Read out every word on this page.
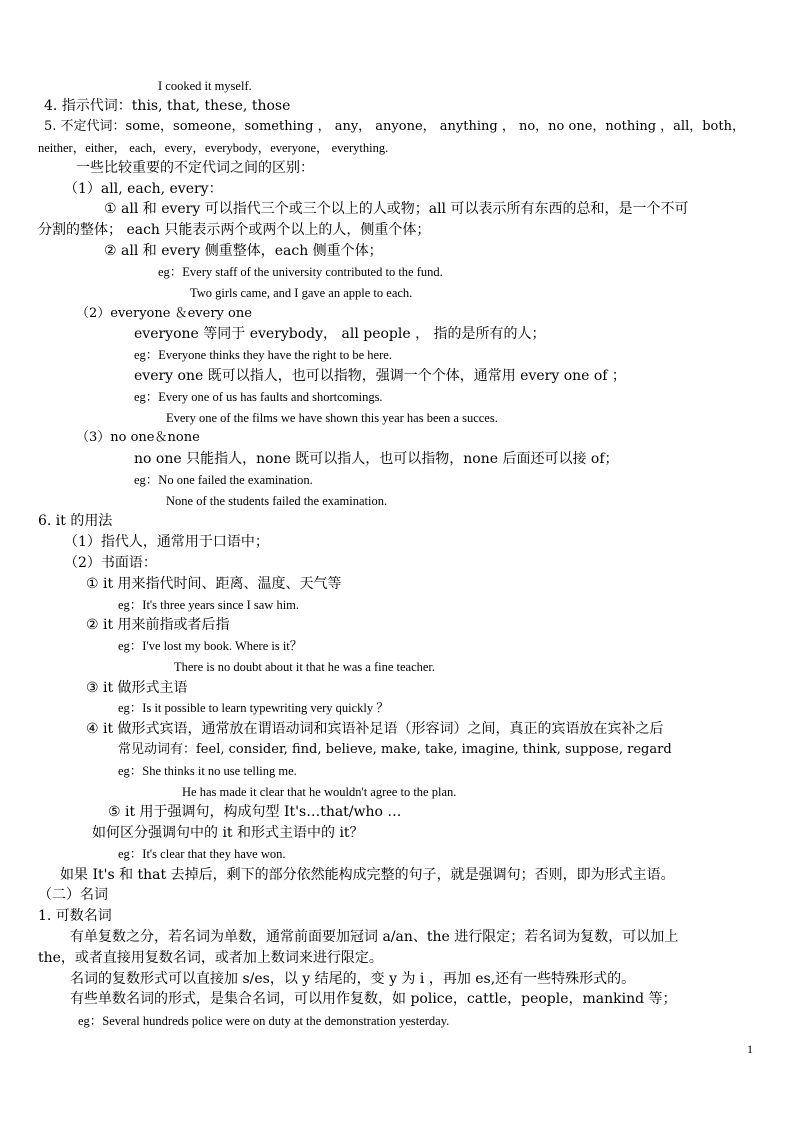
I cooked it myself.
4. 指示代词：this, that, these, those
5. 不定代词：some，someone，something ， any， anyone， anything ， no，no one，nothing ，all，both，
neither，either， each，every，everybody，everyone， everything.
一些比较重要的不定代词之间的区别：
（1）all, each, every：
① all 和 every 可以指代三个或三个以上的人或物；all 可以表示所有东西的总和，是一个不可
分割的整体； each 只能表示两个或两个以上的人，侧重个体；
② all 和 every 侧重整体，each 侧重个体；
eg：Every staff of the university contributed to the fund.
Two girls came, and I gave an apple to each.
（2）everyone ＆every one
everyone 等同于 everybody， all people ， 指的是所有的人；
eg：Everyone thinks they have the right to be here.
every one 既可以指人，也可以指物，强调一个个体，通常用 every one of ；
eg：Every one of us has faults and shortcomings.
Every one of the films we have shown this year has been a succes.
（3）no one＆none
no one 只能指人，none 既可以指人，也可以指物，none 后面还可以接 of；
eg：No one failed the examination.
None of the students failed the examination.
6. it 的用法
（1）指代人，通常用于口语中；
（2）书面语：
① it 用来指代时间、距离、温度、天气等
eg：It's three years since I saw him.
② it 用来前指或者后指
eg：I've lost my book. Where is it？
There is no doubt about it that he was a fine teacher.
③ it 做形式主语
eg：Is it possible to learn typewriting very quickly ？
④ it 做形式宾语，通常放在谓语动词和宾语补足语（形容词）之间，真正的宾语放在宾补之后
常见动词有：feel, consider, find, believe, make, take, imagine, think, suppose, regard
eg：She thinks it no use telling me.
He has made it clear that he wouldn't agree to the plan.
⑤ it 用于强调句，构成句型 It's…that/who …
如何区分强调句中的 it 和形式主语中的 it？
eg：It's clear that they have won.
如果 It's 和 that 去掉后，剩下的部分依然能构成完整的句子，就是强调句；否则，即为形式主语。
（二）名词
1. 可数名词
有单复数之分，若名词为单数，通常前面要加冠词 a/an、the 进行限定；若名词为复数，可以加上
the，或者直接用复数名词，或者加上数词来进行限定。
名词的复数形式可以直接加 s/es，以 y 结尾的，变 y 为 i ，再加 es,还有一些特殊形式的。
有些单数名词的形式，是集合名词，可以用作复数，如 police，cattle，people，mankind 等；
eg：Several hundreds police were on duty at the demonstration yesterday.
1
